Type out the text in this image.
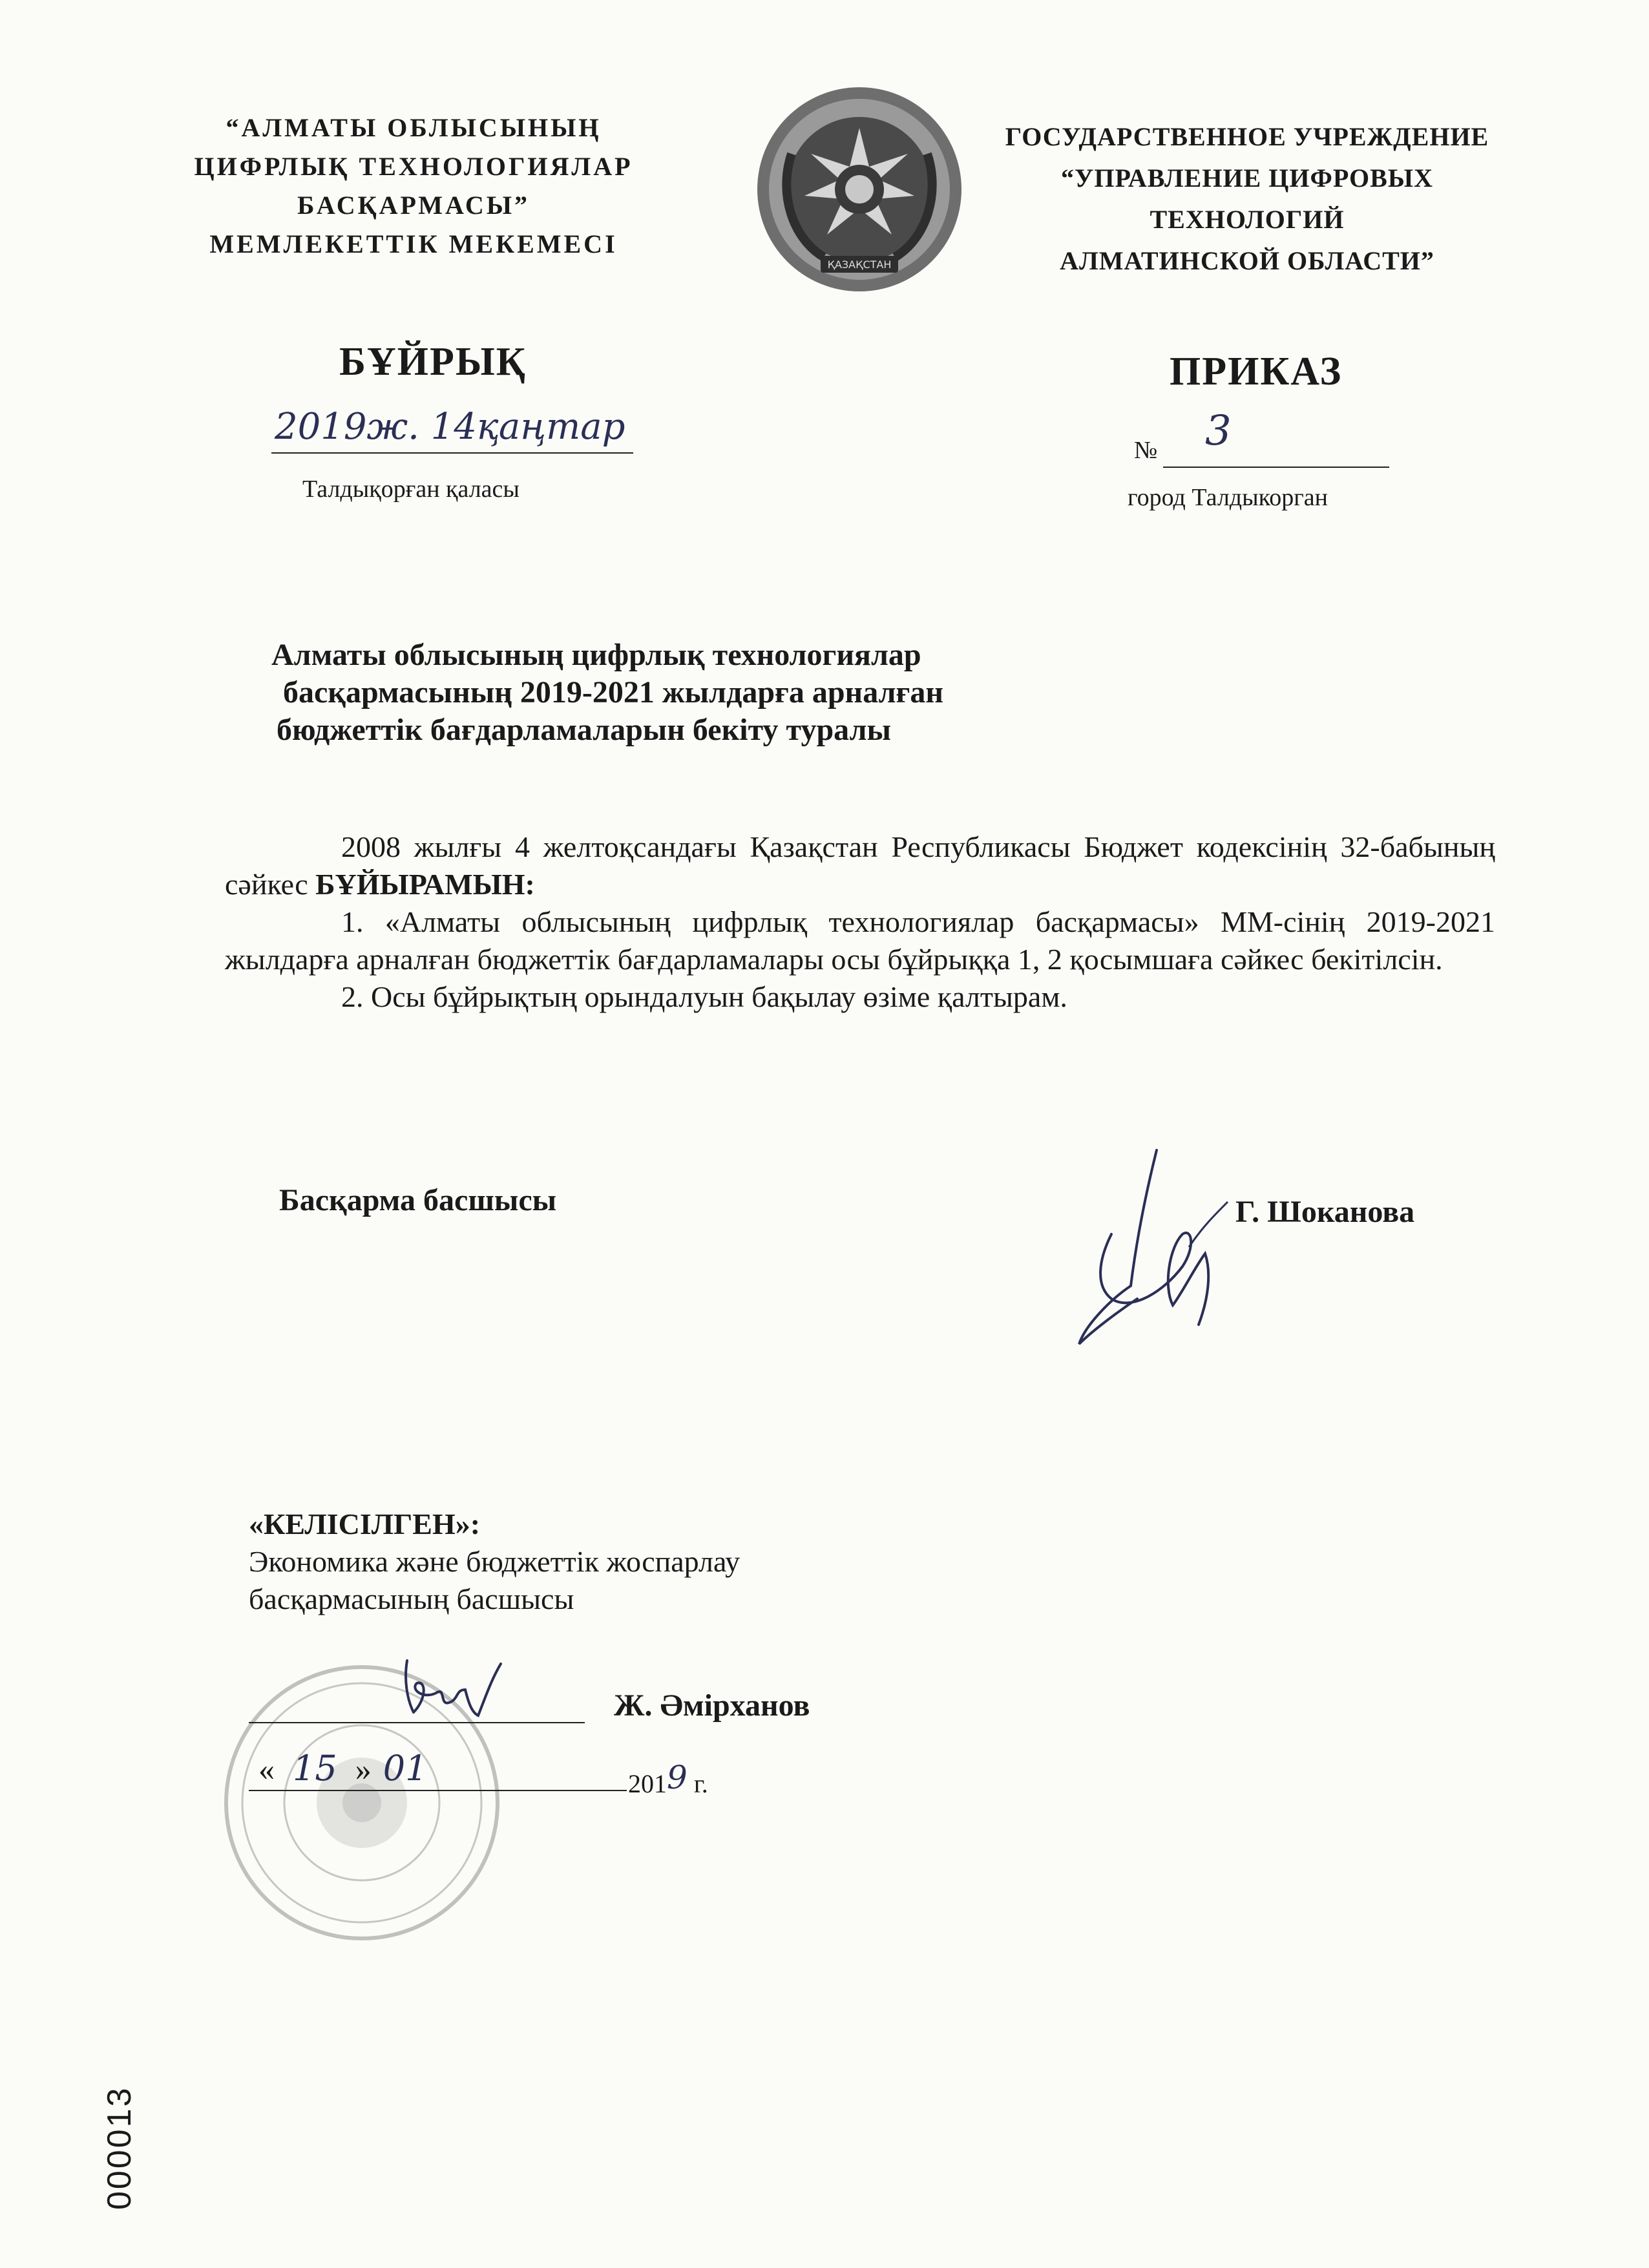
“АЛМАТЫ ОБЛЫСЫНЫҢ
ЦИФРЛЫҚ ТЕХНОЛОГИЯЛАР
БАСҚАРМАСЫ”
МЕМЛЕКЕТТІК МЕКЕМЕСІ
ҚАЗАҚСТАН
ГОСУДАРСТВЕННОЕ УЧРЕЖДЕНИЕ
“УПРАВЛЕНИЕ ЦИФРОВЫХ
ТЕХНОЛОГИЙ
АЛМАТИНСКОЙ ОБЛАСТИ”
БҰЙРЫҚ	ПРИКАЗ
2019ж. 14қаңтар
№ 3
Талдықорған қаласы	город Талдыкорган
Алматы облысының цифрлық технологиялар
басқармасының 2019-2021 жылдарға арналған
бюджеттік бағдарламаларын бекіту туралы

2008 жылғы 4 желтоқсандағы Қазақстан Республикасы Бюджет кодексінің 32-бабының сәйкес БҰЙЫРАМЫН:

1. «Алматы облысының цифрлық технологиялар басқармасы» ММ-сінің 2019-2021 жылдарға арналған бюджеттік бағдарламалары осы бұйрыққа 1, 2 қосымшаға сәйкес бекітілсін.

2. Осы бұйрықтың орындалуын бақылау өзіме қалтырам.

Басқарма басшысы	Г. Шоканова
«КЕЛІСІЛГЕН»:
Экономика және бюджеттік жоспарлау
басқармасының басшысы
Ж. Әмірханов
« 15 » 01	2019 г.
000013
